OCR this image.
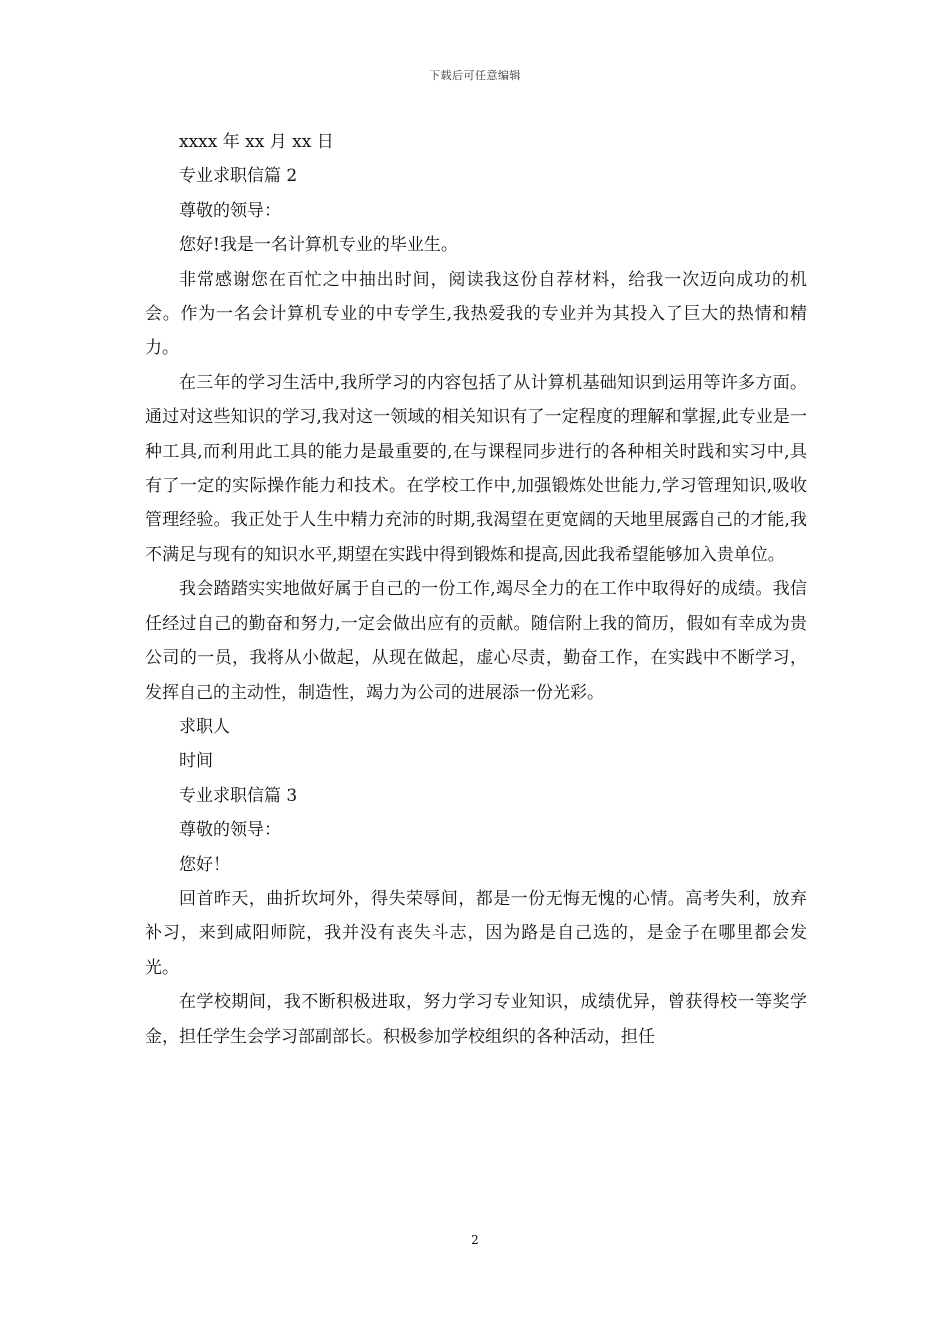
下载后可任意编辑

xxxx 年 xx 月 xx 日

专业求职信篇 2

尊敬的领导：

您好!我是一名计算机专业的毕业生。

非常感谢您在百忙之中抽出时间，阅读我这份自荐材料，给我一次迈向成功的机会。作为一名会计算机专业的中专学生,我热爱我的专业并为其投入了巨大的热情和精力。

在三年的学习生活中,我所学习的内容包括了从计算机基础知识到运用等许多方面。通过对这些知识的学习,我对这一领域的相关知识有了一定程度的理解和掌握,此专业是一种工具,而利用此工具的能力是最重要的,在与课程同步进行的各种相关时践和实习中,具有了一定的实际操作能力和技术。在学校工作中,加强锻炼处世能力,学习管理知识,吸收管理经验。我正处于人生中精力充沛的时期,我渴望在更宽阔的天地里展露自己的才能,我不满足与现有的知识水平,期望在实践中得到锻炼和提高,因此我希望能够加入贵单位。

我会踏踏实实地做好属于自己的一份工作,竭尽全力的在工作中取得好的成绩。我信任经过自己的勤奋和努力,一定会做出应有的贡献。随信附上我的简历，假如有幸成为贵公司的一员，我将从小做起，从现在做起，虚心尽责，勤奋工作，在实践中不断学习，发挥自己的主动性，制造性，竭力为公司的进展添一份光彩。

求职人

时间

专业求职信篇 3

尊敬的领导：

您好！

回首昨天，曲折坎坷外，得失荣辱间，都是一份无悔无愧的心情。高考失利，放弃补习，来到咸阳师院，我并没有丧失斗志，因为路是自己选的，是金子在哪里都会发光。

在学校期间，我不断积极进取，努力学习专业知识，成绩优异，曾获得校一等奖学金，担任学生会学习部副部长。积极参加学校组织的各种活动，担任

2
